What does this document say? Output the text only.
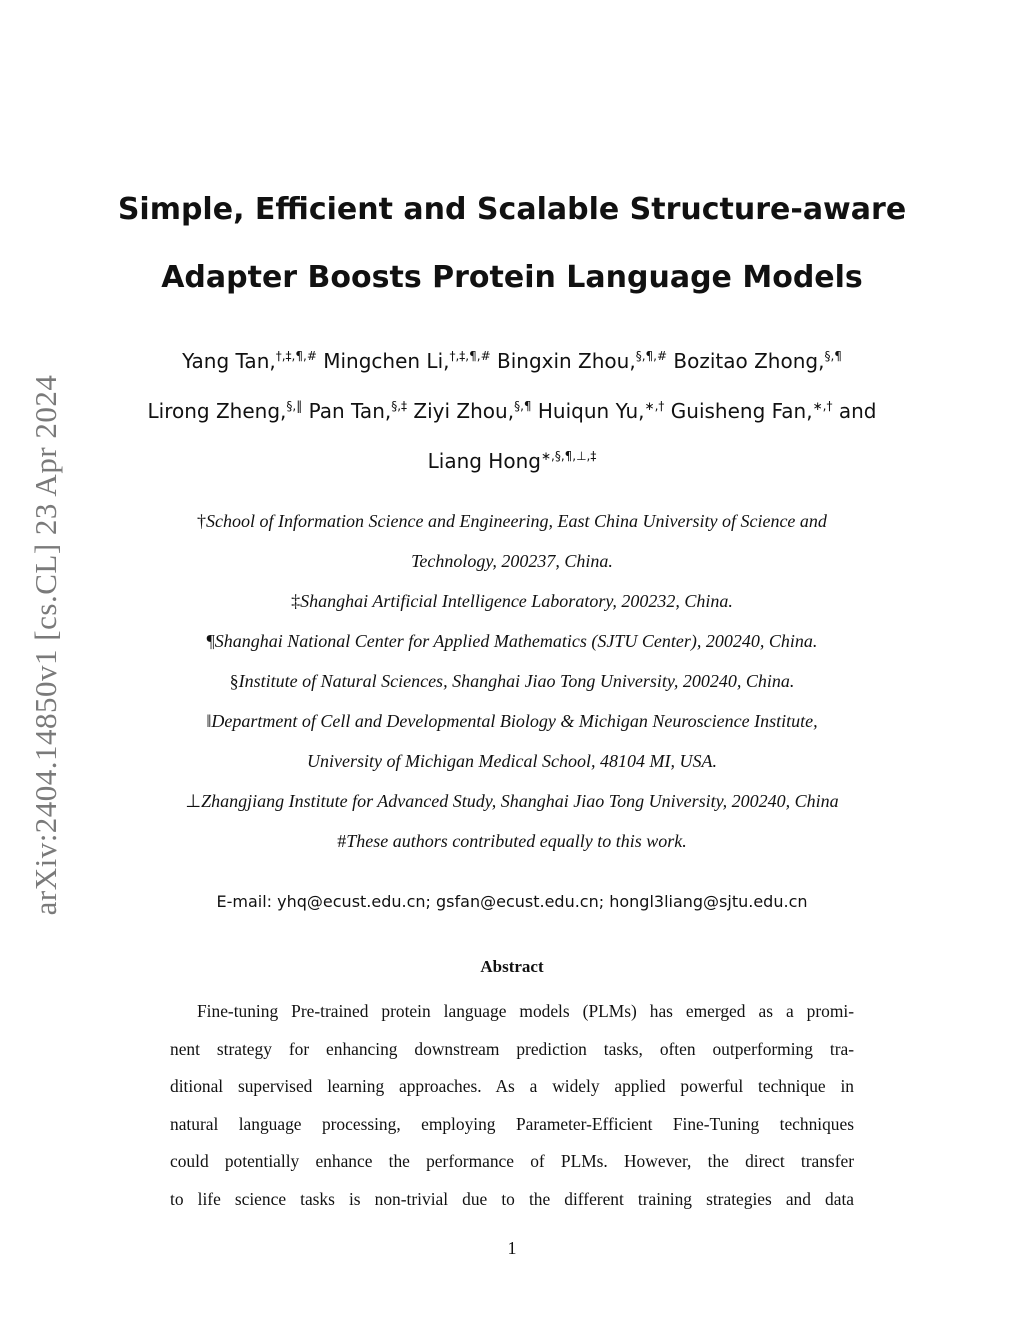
arXiv:2404.14850v1 [cs.CL] 23 Apr 2024
Simple, Efficient and Scalable Structure-aware
Adapter Boosts Protein Language Models
Yang Tan,†,‡,¶,# Mingchen Li,†,‡,¶,# Bingxin Zhou,§,¶,# Bozitao Zhong,§,¶
Lirong Zheng,§,‖ Pan Tan,§,‡ Ziyi Zhou,§,¶ Huiqun Yu,∗,† Guisheng Fan,∗,† and
Liang Hong∗,§,¶,⊥,‡
†School of Information Science and Engineering, East China University of Science and
Technology, 200237, China.
‡Shanghai Artificial Intelligence Laboratory, 200232, China.
¶Shanghai National Center for Applied Mathematics (SJTU Center), 200240, China.
§Institute of Natural Sciences, Shanghai Jiao Tong University, 200240, China.
‖Department of Cell and Developmental Biology & Michigan Neuroscience Institute,
University of Michigan Medical School, 48104 MI, USA.
⊥Zhangjiang Institute for Advanced Study, Shanghai Jiao Tong University, 200240, China
#These authors contributed equally to this work.
E-mail: yhq@ecust.edu.cn; gsfan@ecust.edu.cn; hongl3liang@sjtu.edu.cn
Abstract
Fine-tuning Pre-trained protein language models (PLMs) has emerged as a promi-
nent strategy for enhancing downstream prediction tasks, often outperforming tra-
ditional supervised learning approaches. As a widely applied powerful technique in
natural language processing, employing Parameter-Efficient Fine-Tuning techniques
could potentially enhance the performance of PLMs. However, the direct transfer
to life science tasks is non-trivial due to the different training strategies and data
1
